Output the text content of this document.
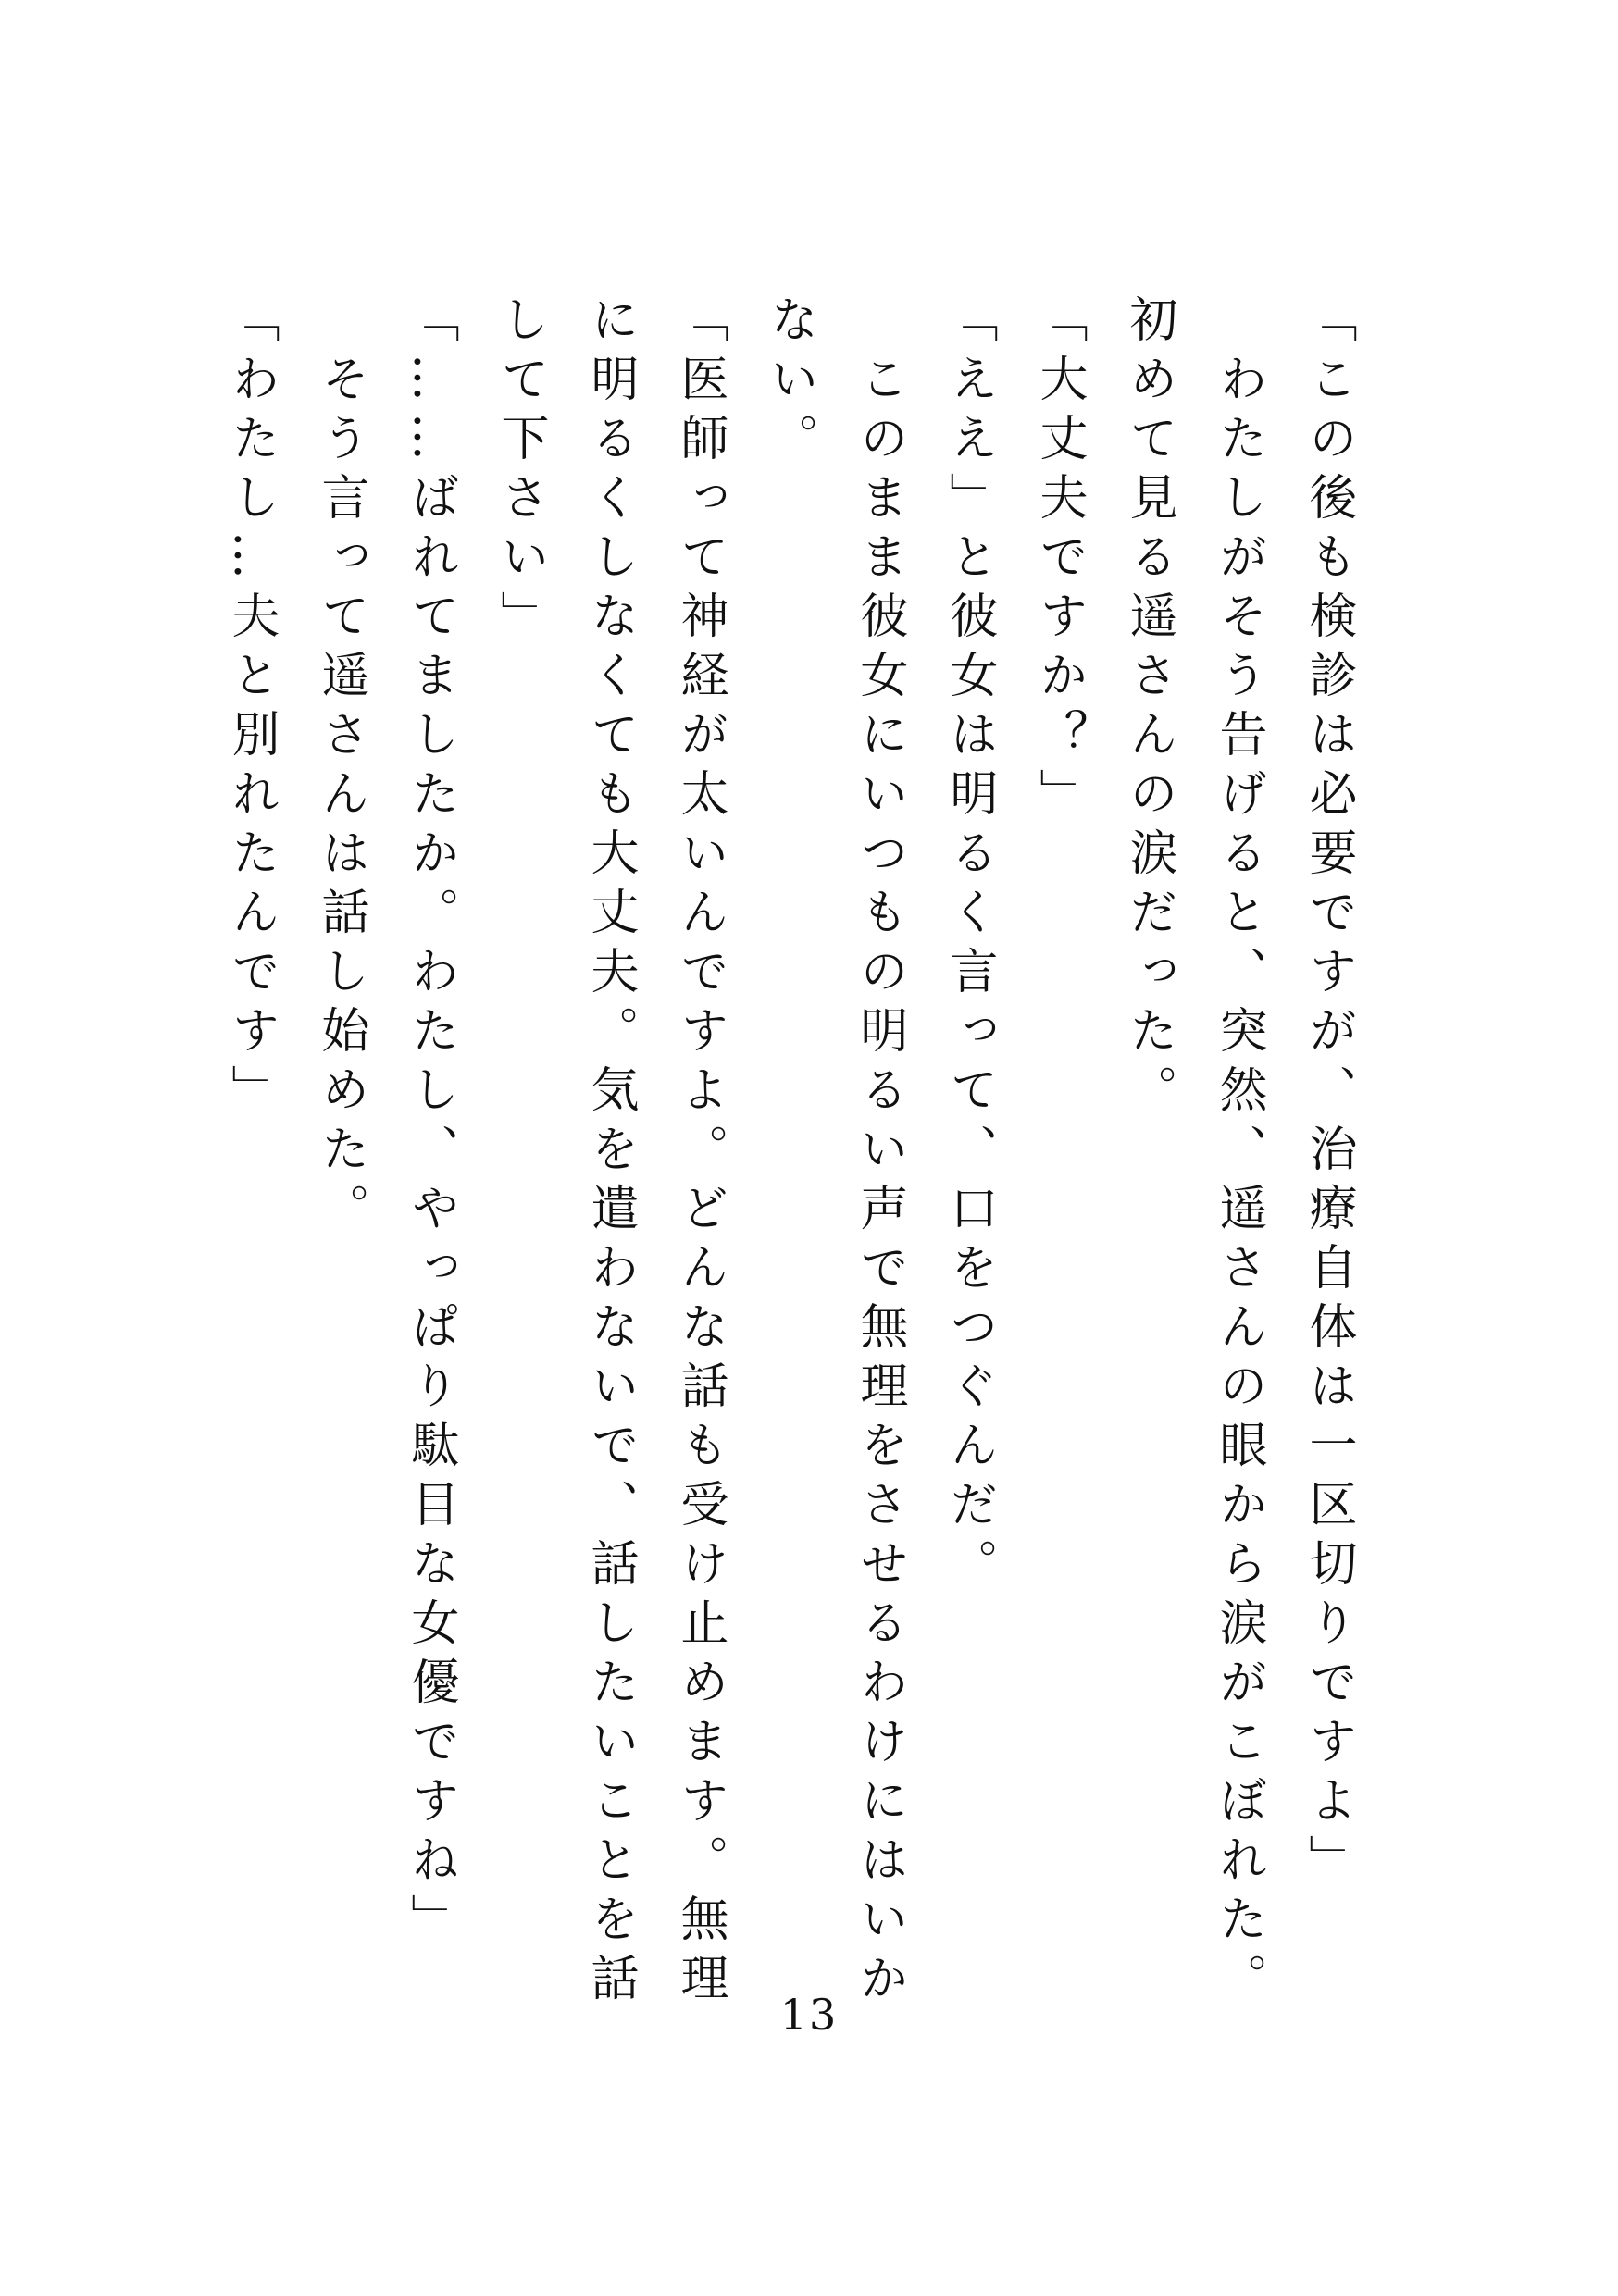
「この後も検診は必要ですが、治療自体は一区切りですよ」
　わたしがそう告げると、突然、遥さんの眼から涙がこぼれた。
初めて見る遥さんの涙だった。
「大丈夫ですか？」
「ええ」と彼女は明るく言って、口をつぐんだ。
　このまま彼女にいつもの明るい声で無理をさせるわけにはいかない。
「医師って神経が太いんですよ。どんな話も受け止めます。無理に明るくしなくても大丈夫。気を遣わないで、話したいことを話して下さい」
「……ばれてましたか。わたし、やっぱり駄目な女優ですね」
　そう言って遥さんは話し始めた。
「わたし…夫と別れたんです」
13
